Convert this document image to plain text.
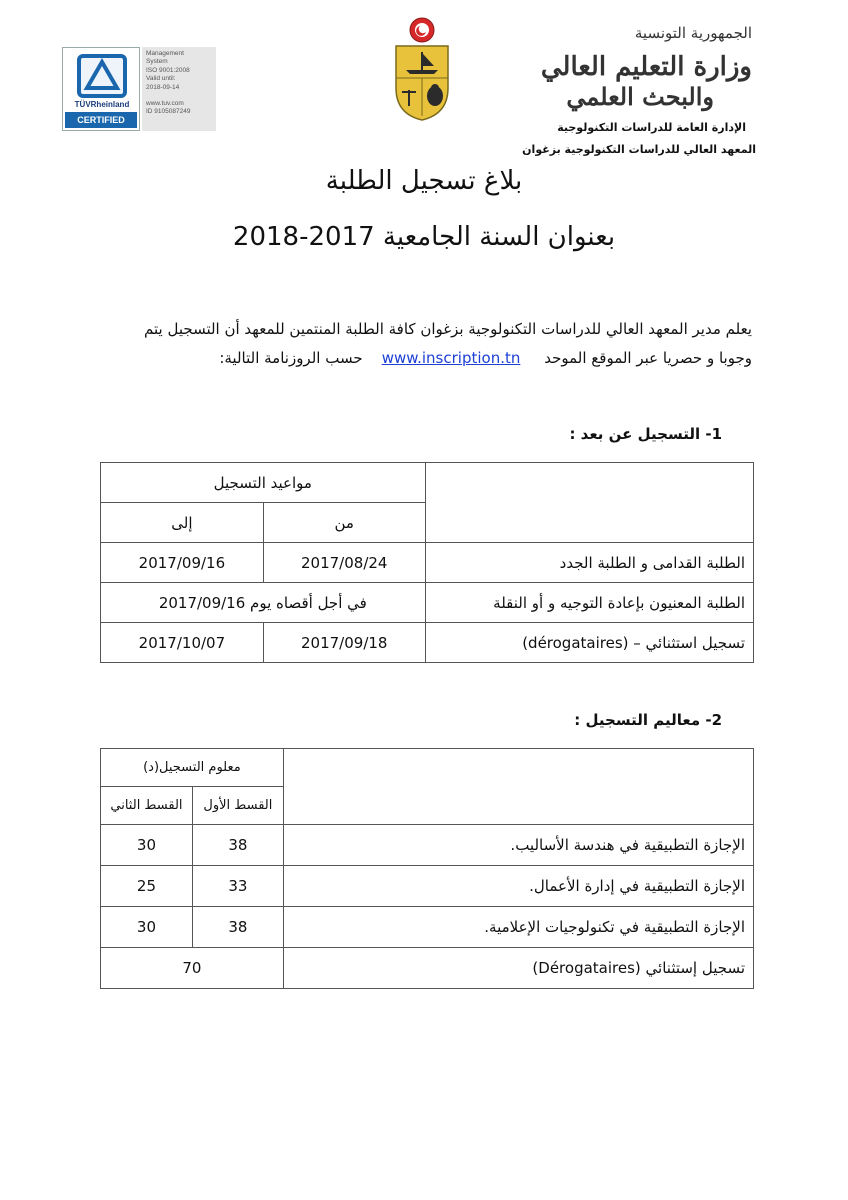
TÜVRheinland
CERTIFIED
Management
System
ISO 9001:2008
Valid until:
2018-09-14
www.tuv.com
ID 9105087249
الجمهورية التونسية
وزارة التعليم العالي
والبحث العلمي
الإدارة العامة للدراسات التكنولوجية
المعهد العالي للدراسات التكنولوجية بزغوان
بلاغ تسجيل الطلبة
بعنوان السنة الجامعية 2017-2018
يعلم مدير المعهد العالي للدراسات التكنولوجية بزغوان كافة الطلبة المنتمين للمعهد أن التسجيل يتم
وجوبا و حصريا عبر الموقع الموحد     www.inscription.tn    حسب الروزنامة التالية:
1- التسجيل عن بعد :
	مواعيد التسجيل	
	من	إلى
الطلبة القدامى و الطلبة الجدد	2017/08/24	2017/09/16
الطلبة المعنيون بإعادة التوجيه و أو النقلة	في أجل أقصاه يوم 2017/09/16	
تسجيل استثنائي – (dérogataires)	2017/09/18	2017/10/07
2- معاليم التسجيل :
	معلوم التسجيل(د)	
	القسط الأول	القسط الثاني
الإجازة التطبيقية في هندسة الأساليب.	38	30
الإجازة التطبيقية في إدارة الأعمال.	33	25
الإجازة التطبيقية في تكنولوجيات الإعلامية.	38	30
تسجيل إستثنائي (Dérogataires)	70	
